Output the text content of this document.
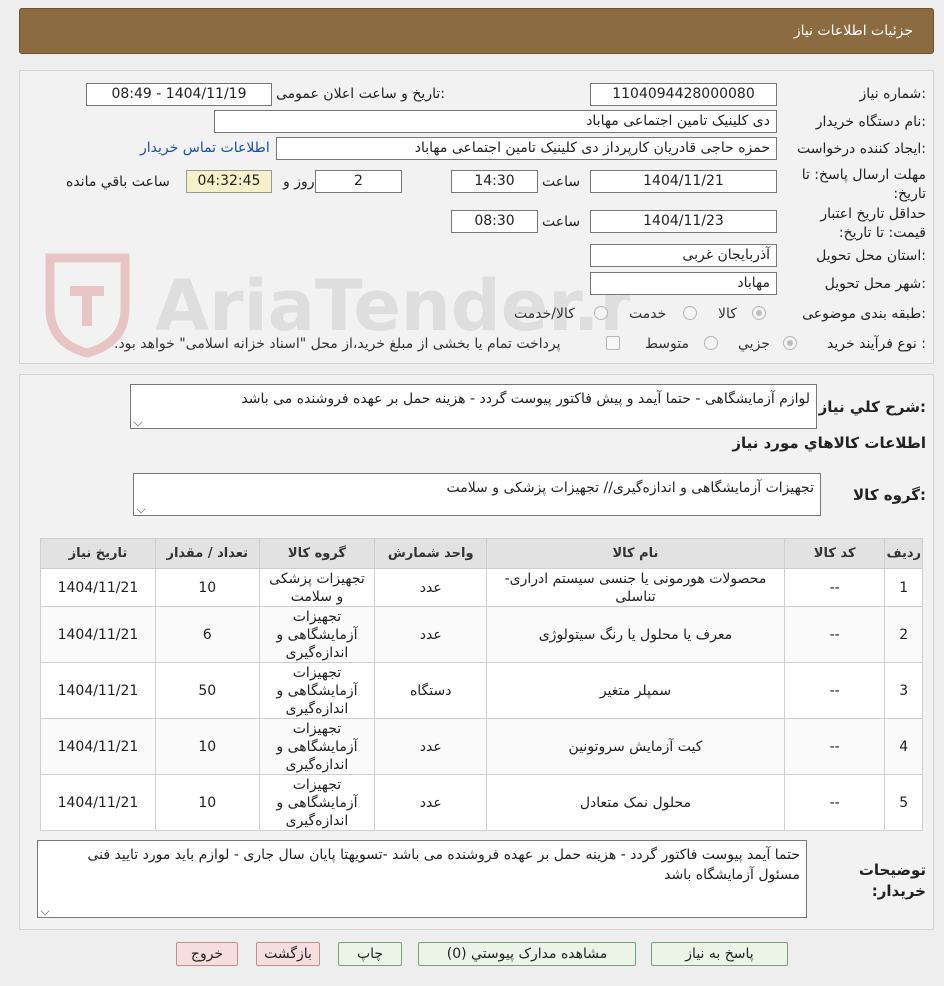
جزئیات اطلاعات نیاز
شماره نیاز:
1104094428000080
تاریخ و ساعت اعلان عمومی:
1404/11/19 - 08:49
نام دستگاه خریدار:
دی کلینیک تامین اجتماعی مهاباد
ایجاد کننده درخواست:
حمزه حاجی قادریان کارپرداز دی کلینیک تامین اجتماعی مهاباد
اطلاعات تماس خریدار
مهلت ارسال پاسخ: تا تاریخ:
1404/11/21
ساعت
14:30
2
روز و
04:32:45
ساعت باقي مانده
حداقل تاریخ اعتبار قیمت: تا تاریخ:
1404/11/23
ساعت
08:30
استان محل تحویل:
آذربایجان غربی
شهر محل تحویل:
مهاباد
طبقه بندی موضوعی:
کالا
خدمت
کالا/خدمت
نوع فرآیند خرید :
جزیي
متوسط
پرداخت تمام یا بخشی از مبلغ خرید،از محل "اسناد خزانه اسلامی" خواهد بود.
شرح کلي نياز:
لوازم آزمایشگاهی - حتما آیمد و پیش فاکتور پیوست گردد - هزینه حمل بر عهده فروشنده می باشد
اطلاعات کالاهاي مورد نياز
گروه کالا:
تجهیزات آزمایشگاهی و اندازه‌گیری// تجهیزات پزشکی و سلامت
ردیف	کد کالا	نام کالا	واحد شمارش	گروه کالا	تعداد / مقدار	تاریخ نیاز
1	--	محصولات هورمونی یا جنسی سیستم ادراری-تناسلی	عدد	تجهیزات پزشکی و سلامت	10	1404/11/21
2	--	معرف یا محلول یا رنگ سیتولوژی	عدد	تجهیزات آزمایشگاهی و اندازه‌گیری	6	1404/11/21
3	--	سمپلر متغیر	دستگاه	تجهیزات آزمایشگاهی و اندازه‌گیری	50	1404/11/21
4	--	کیت آزمایش سروتونین	عدد	تجهیزات آزمایشگاهی و اندازه‌گیری	10	1404/11/21
5	--	محلول نمک متعادل	عدد	تجهیزات آزمایشگاهی و اندازه‌گیری	10	1404/11/21
توضیحات خریدار:
حتما آیمد پیوست فاکتور گردد - هزینه حمل بر عهده فروشنده می باشد -تسویهتا پایان سال جاری - لوازم باید مورد تایید فنی مسئول آزمایشگاه باشد
پاسخ به نیاز
مشاهده مدارک پیوستي (0)
چاپ
بازگشت
خروج
